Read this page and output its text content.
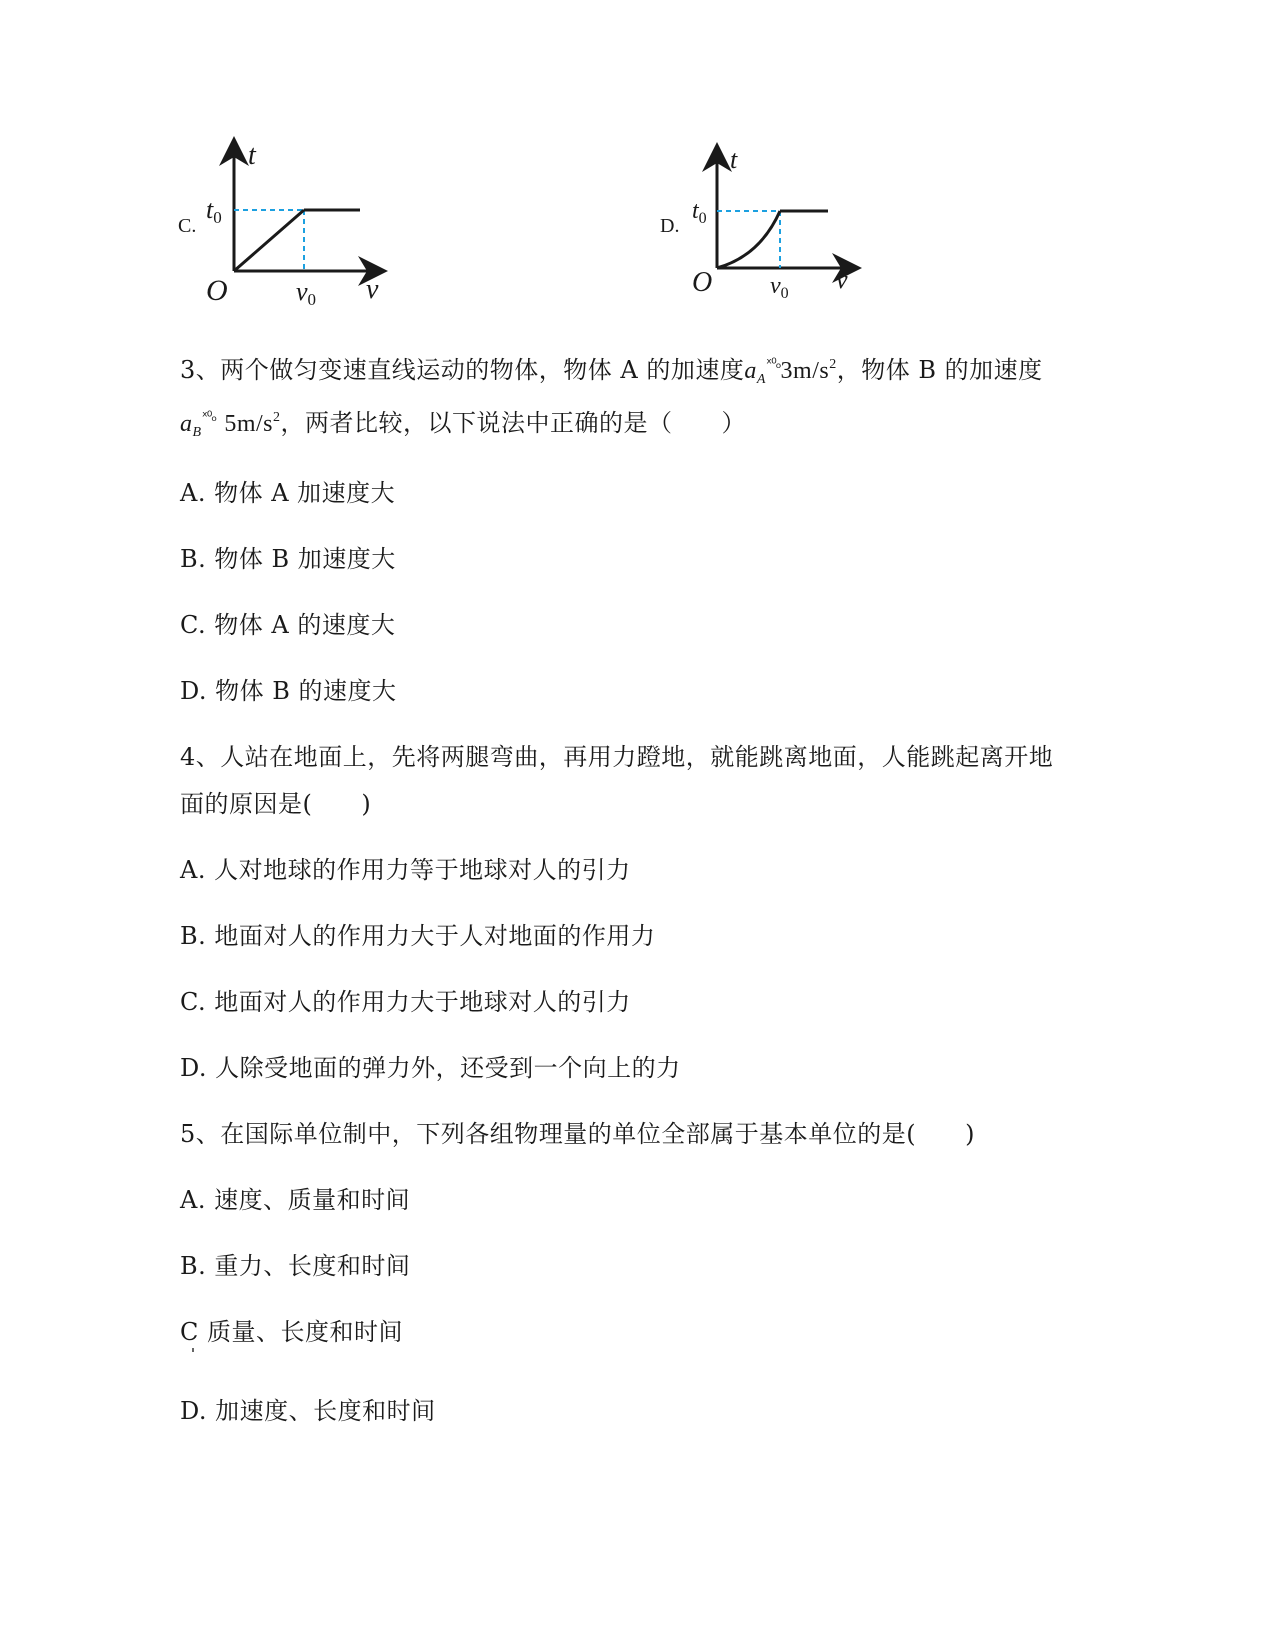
C.
t
t0
O	v0 v
D.
t
$t_0$
O $v_0$ v
3、两个做匀变速直线运动的物体，物体 A 的加速度$a_A^{ˣ^0_o}3m/s^2$，物体 B 的加速度
$a_B^{ˣ^0_o}$ $5m/s^2$，两者比较，以下说法中正确的是（　　）
A. 物体 A 加速度大
B. 物体 B 加速度大
C. 物体 A 的速度大
D. 物体 B 的速度大
4、人站在地面上，先将两腿弯曲，再用力蹬地，就能跳离地面，人能跳起离开地
面的原因是(　　)
A. 人对地球的作用力等于地球对人的引力
B. 地面对人的作用力大于人对地面的作用力
C. 地面对人的作用力大于地球对人的引力
D. 人除受地面的弹力外，还受到一个向上的力
5、在国际单位制中，下列各组物理量的单位全部属于基本单位的是(　　)
A. 速度、质量和时间
B. 重力、长度和时间
C 质量、长度和时间
D. 加速度、长度和时间
